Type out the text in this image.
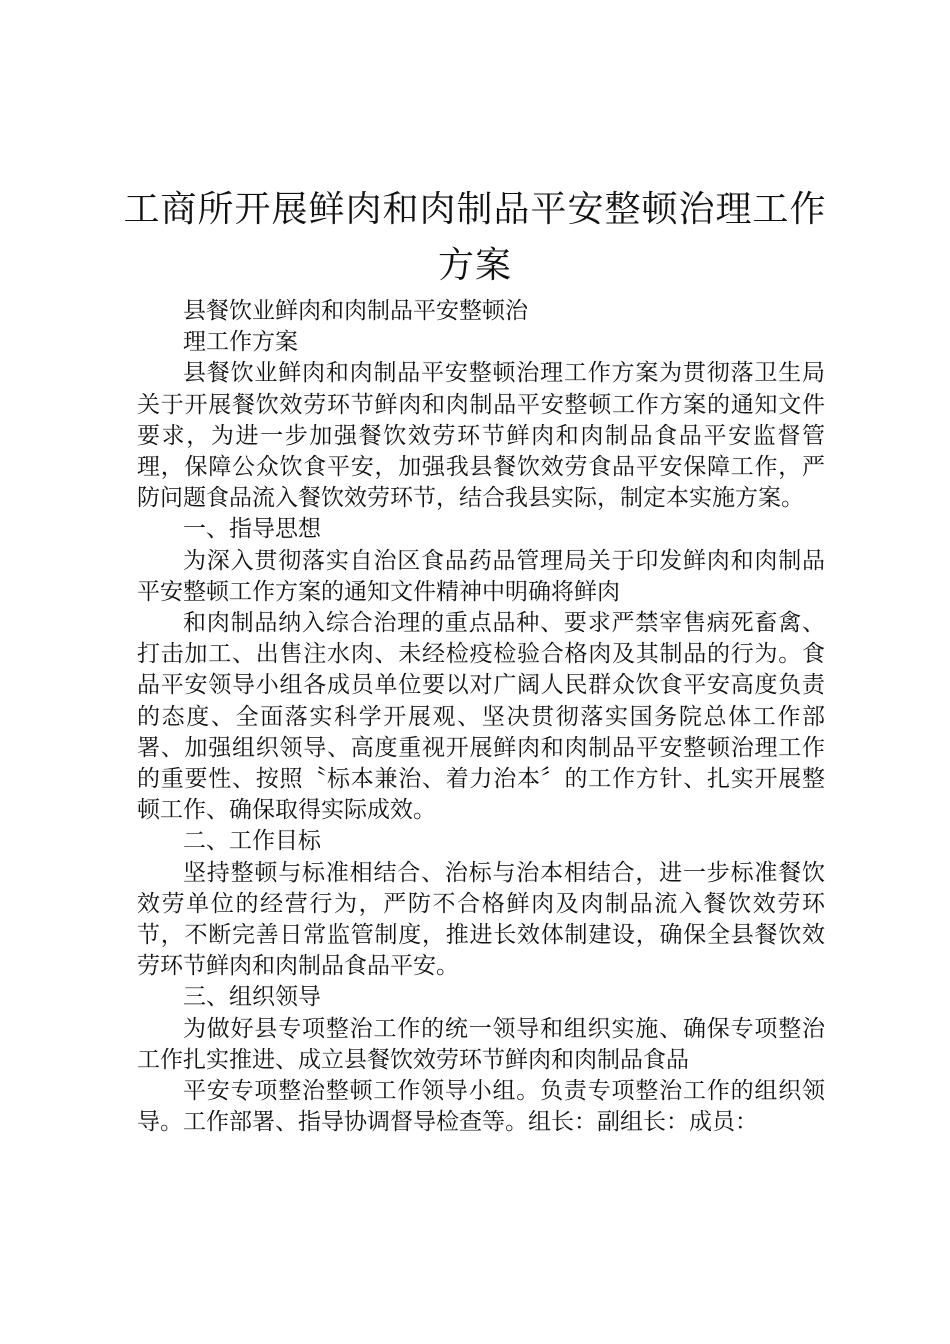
工商所开展鲜肉和肉制品平安整顿治理工作
方案

县餐饮业鲜肉和肉制品平安整顿治

理工作方案

县餐饮业鲜肉和肉制品平安整顿治理工作方案为贯彻落卫生局关于开展餐饮效劳环节鲜肉和肉制品平安整顿工作方案的通知文件要求，为进一步加强餐饮效劳环节鲜肉和肉制品食品平安监督管理，保障公众饮食平安，加强我县餐饮效劳食品平安保障工作，严防问题食品流入餐饮效劳环节，结合我县实际，制定本实施方案。

一、指导思想

为深入贯彻落实自治区食品药品管理局关于印发鲜肉和肉制品平安整顿工作方案的通知文件精神中明确将鲜肉

和肉制品纳入综合治理的重点品种、要求严禁宰售病死畜禽、打击加工、出售注水肉、未经检疫检验合格肉及其制品的行为。食品平安领导小组各成员单位要以对广阔人民群众饮食平安高度负责的态度、全面落实科学开展观、坚决贯彻落实国务院总体工作部署、加强组织领导、高度重视开展鲜肉和肉制品平安整顿治理工作的重要性、按照〝标本兼治、着力治本〞的工作方针、扎实开展整顿工作、确保取得实际成效。

二、工作目标

坚持整顿与标准相结合、治标与治本相结合，进一步标准餐饮效劳单位的经营行为，严防不合格鲜肉及肉制品流入餐饮效劳环节，不断完善日常监管制度，推进长效体制建设，确保全县餐饮效劳环节鲜肉和肉制品食品平安。

三、组织领导

为做好县专项整治工作的统一领导和组织实施、确保专项整治工作扎实推进、成立县餐饮效劳环节鲜肉和肉制品食品

平安专项整治整顿工作领导小组。负责专项整治工作的组织领导。工作部署、指导协调督导检查等。组长：副组长：成员：
